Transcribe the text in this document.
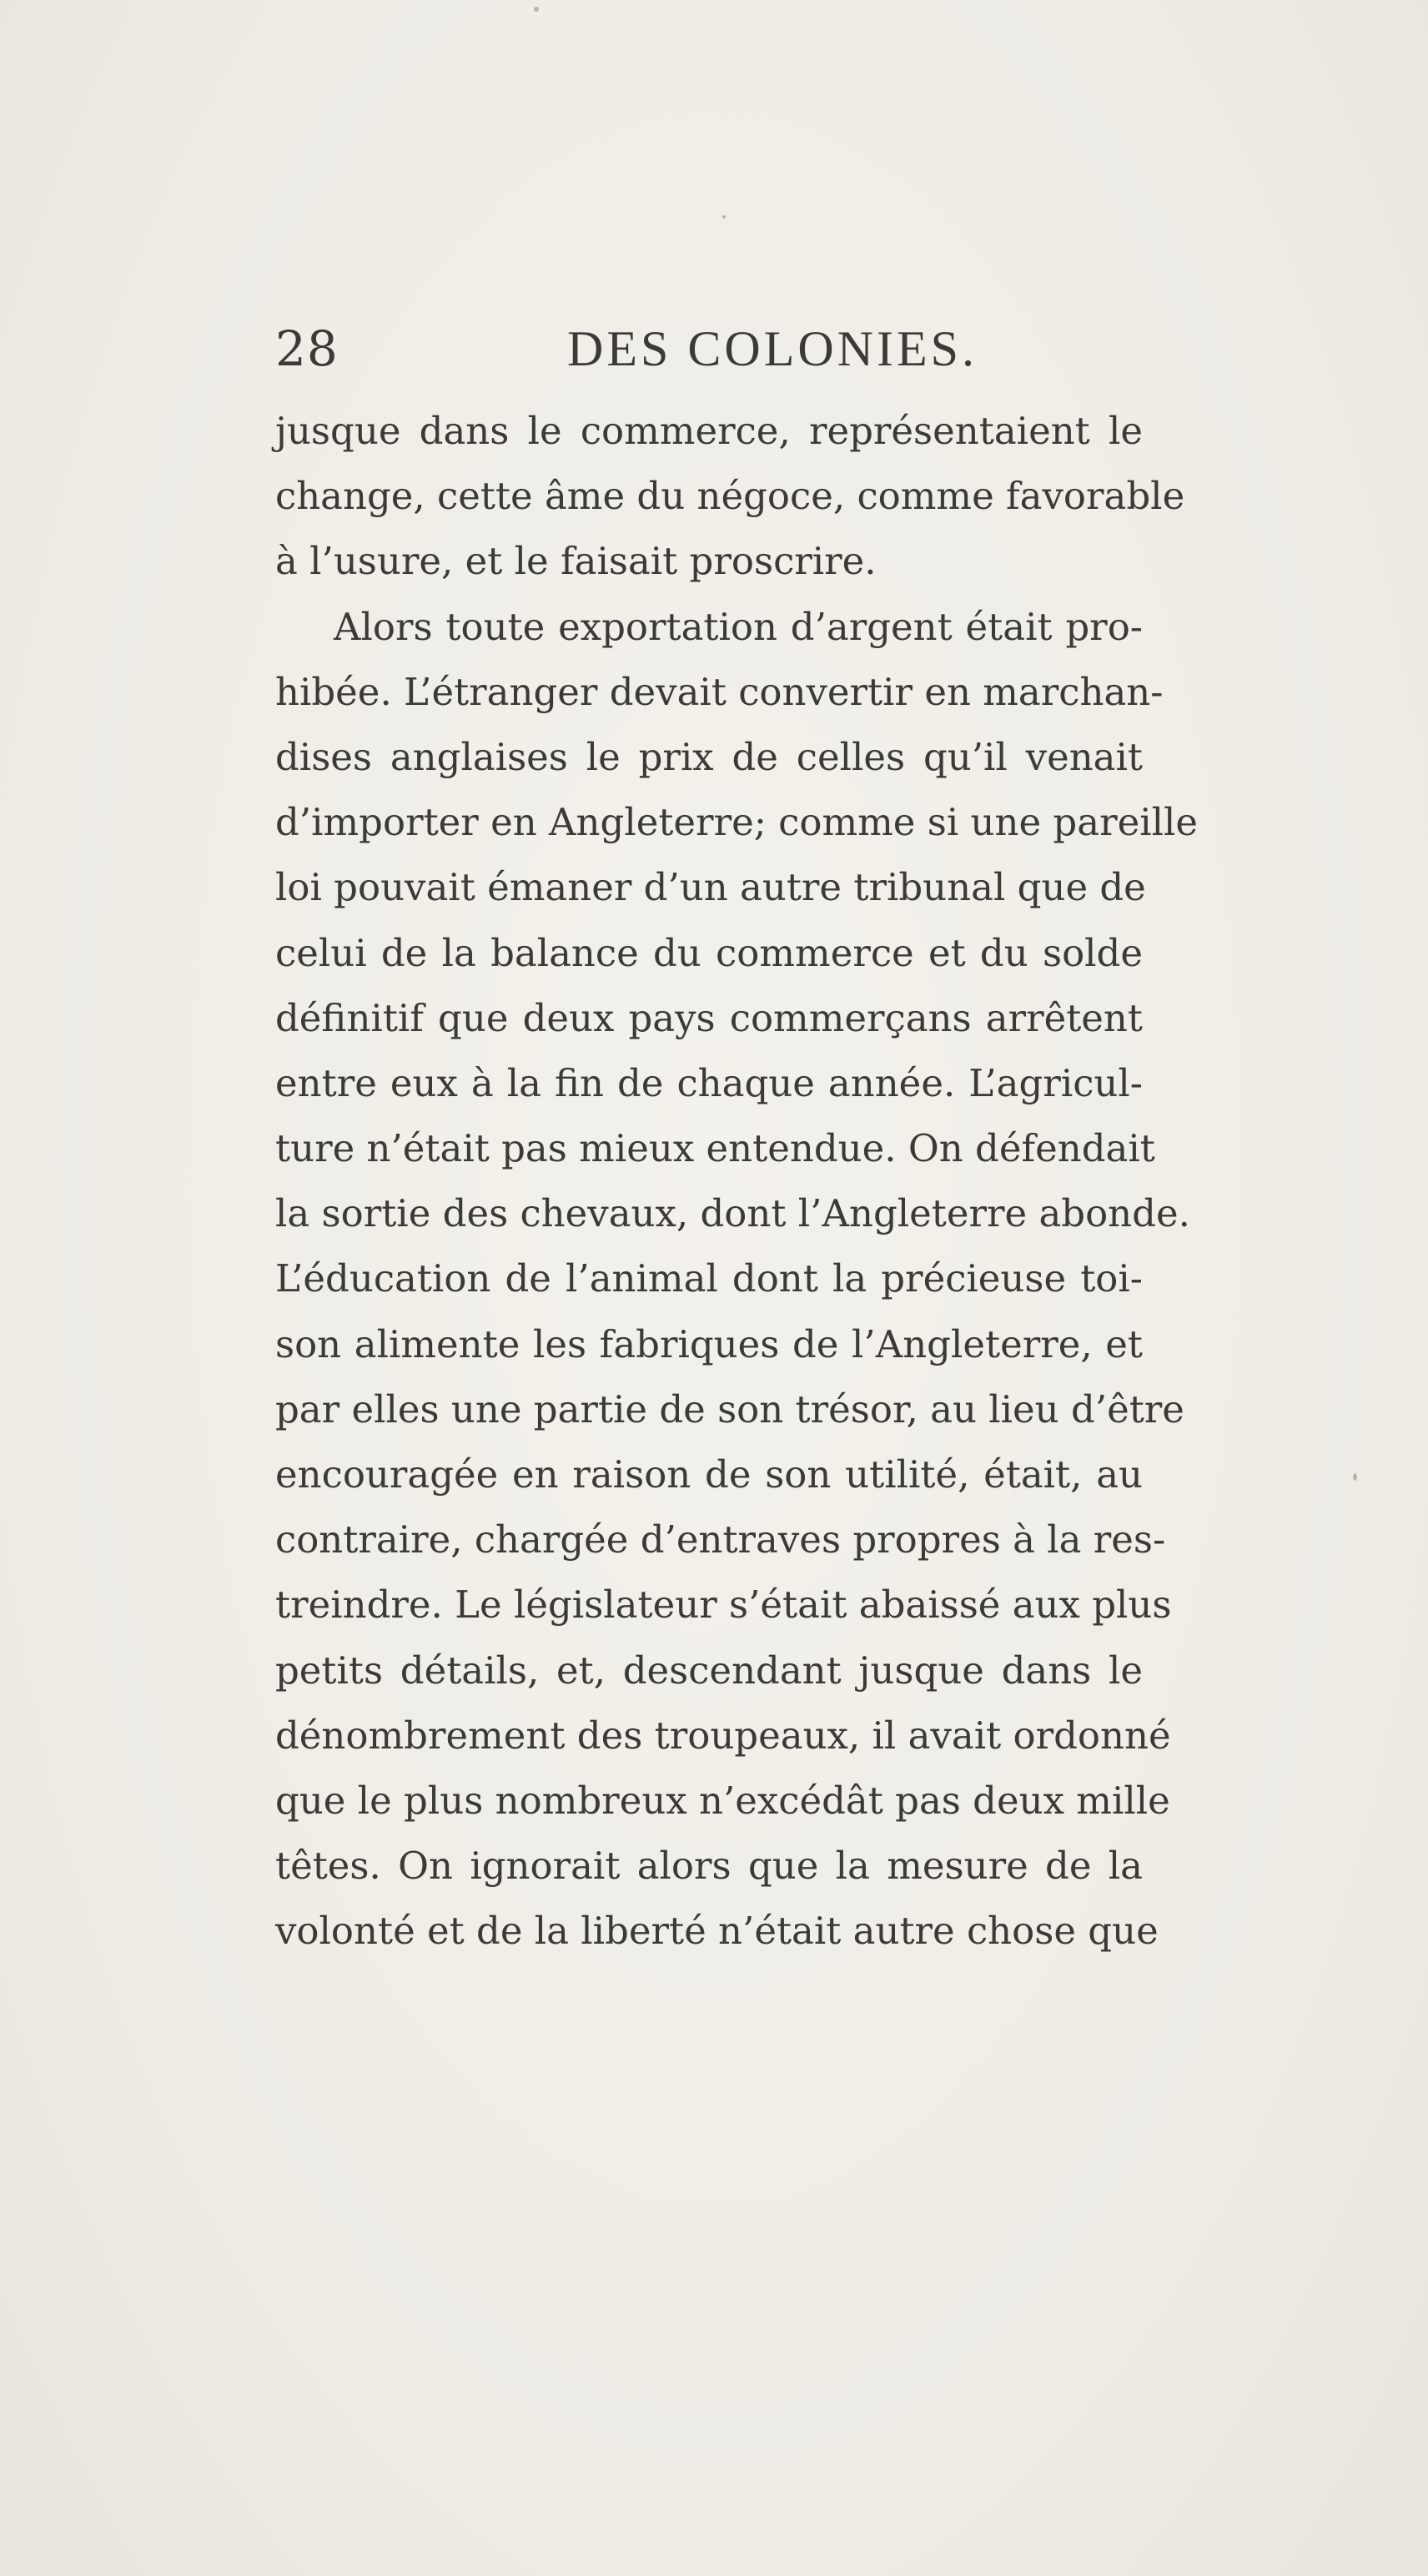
28	DES COLONIES.
jusque dans le commerce, représentaient le
change, cette âme du négoce, comme favorable
à l’usure, et le faisait proscrire.
Alors toute exportation d’argent était pro-
hibée. L’étranger devait convertir en marchan-
dises anglaises le prix de celles qu’il venait
d’importer en Angleterre; comme si une pareille
loi pouvait émaner d’un autre tribunal que de
celui de la balance du commerce et du solde
définitif que deux pays commerçans arrêtent
entre eux à la fin de chaque année. L’agricul-
ture n’était pas mieux entendue. On défendait
la sortie des chevaux, dont l’Angleterre abonde.
L’éducation de l’animal dont la précieuse toi-
son alimente les fabriques de l’Angleterre, et
par elles une partie de son trésor, au lieu d’être
encouragée en raison de son utilité, était, au
contraire, chargée d’entraves propres à la res-
treindre. Le législateur s’était abaissé aux plus
petits détails, et, descendant jusque dans le
dénombrement des troupeaux, il avait ordonné
que le plus nombreux n’excédât pas deux mille
têtes. On ignorait alors que la mesure de la
volonté et de la liberté n’était autre chose que
